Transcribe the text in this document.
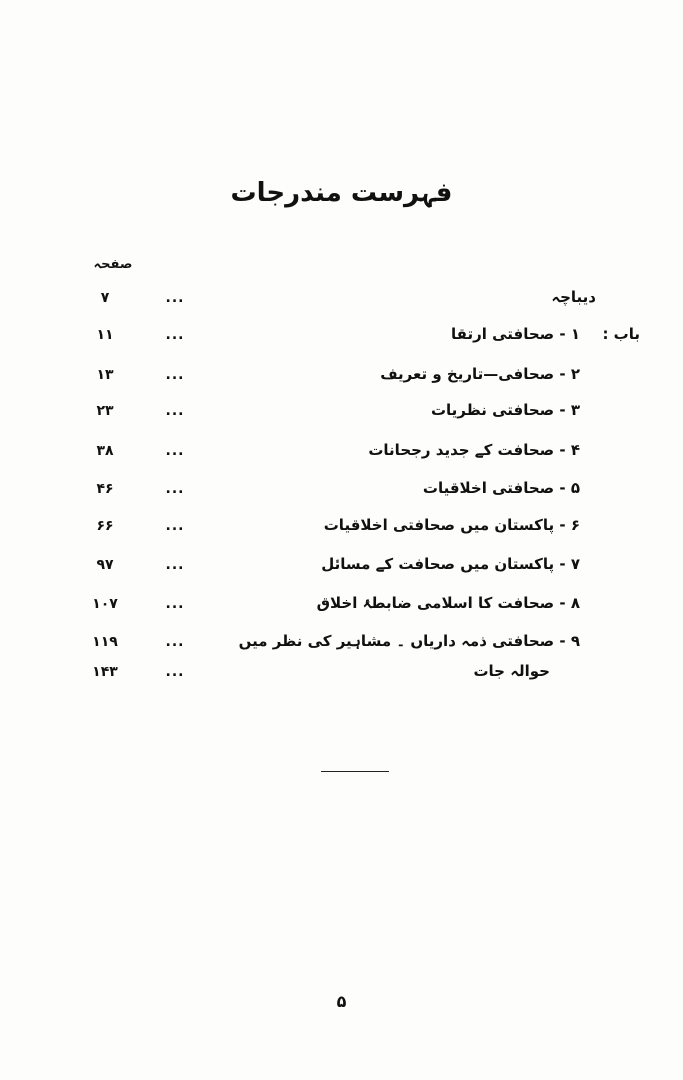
فہرست مندرجات
صفحہ
دیباچہ
...
۷
باب :
۱ - صحافتی ارتقا
...
۱۱
۲ - صحافی—تاریخ و تعریف
...
۱۳
۳ - صحافتی نظریات
...
۲۳
۴ - صحافت کے جدید رجحانات
...
۳۸
۵ - صحافتی اخلاقیات
...
۴۶
۶ - پاکستان میں صحافتی اخلاقیات
...
۶۶
۷ - پاکستان میں صحافت کے مسائل
...
۹۷
۸ - صحافت کا اسلامی ضابطۂ اخلاق
...
۱۰۷
۹ - صحافتی ذمہ داریاں ۔ مشاہیر کی نظر میں
...
۱۱۹
حوالہ جات
...
۱۴۳
۵
